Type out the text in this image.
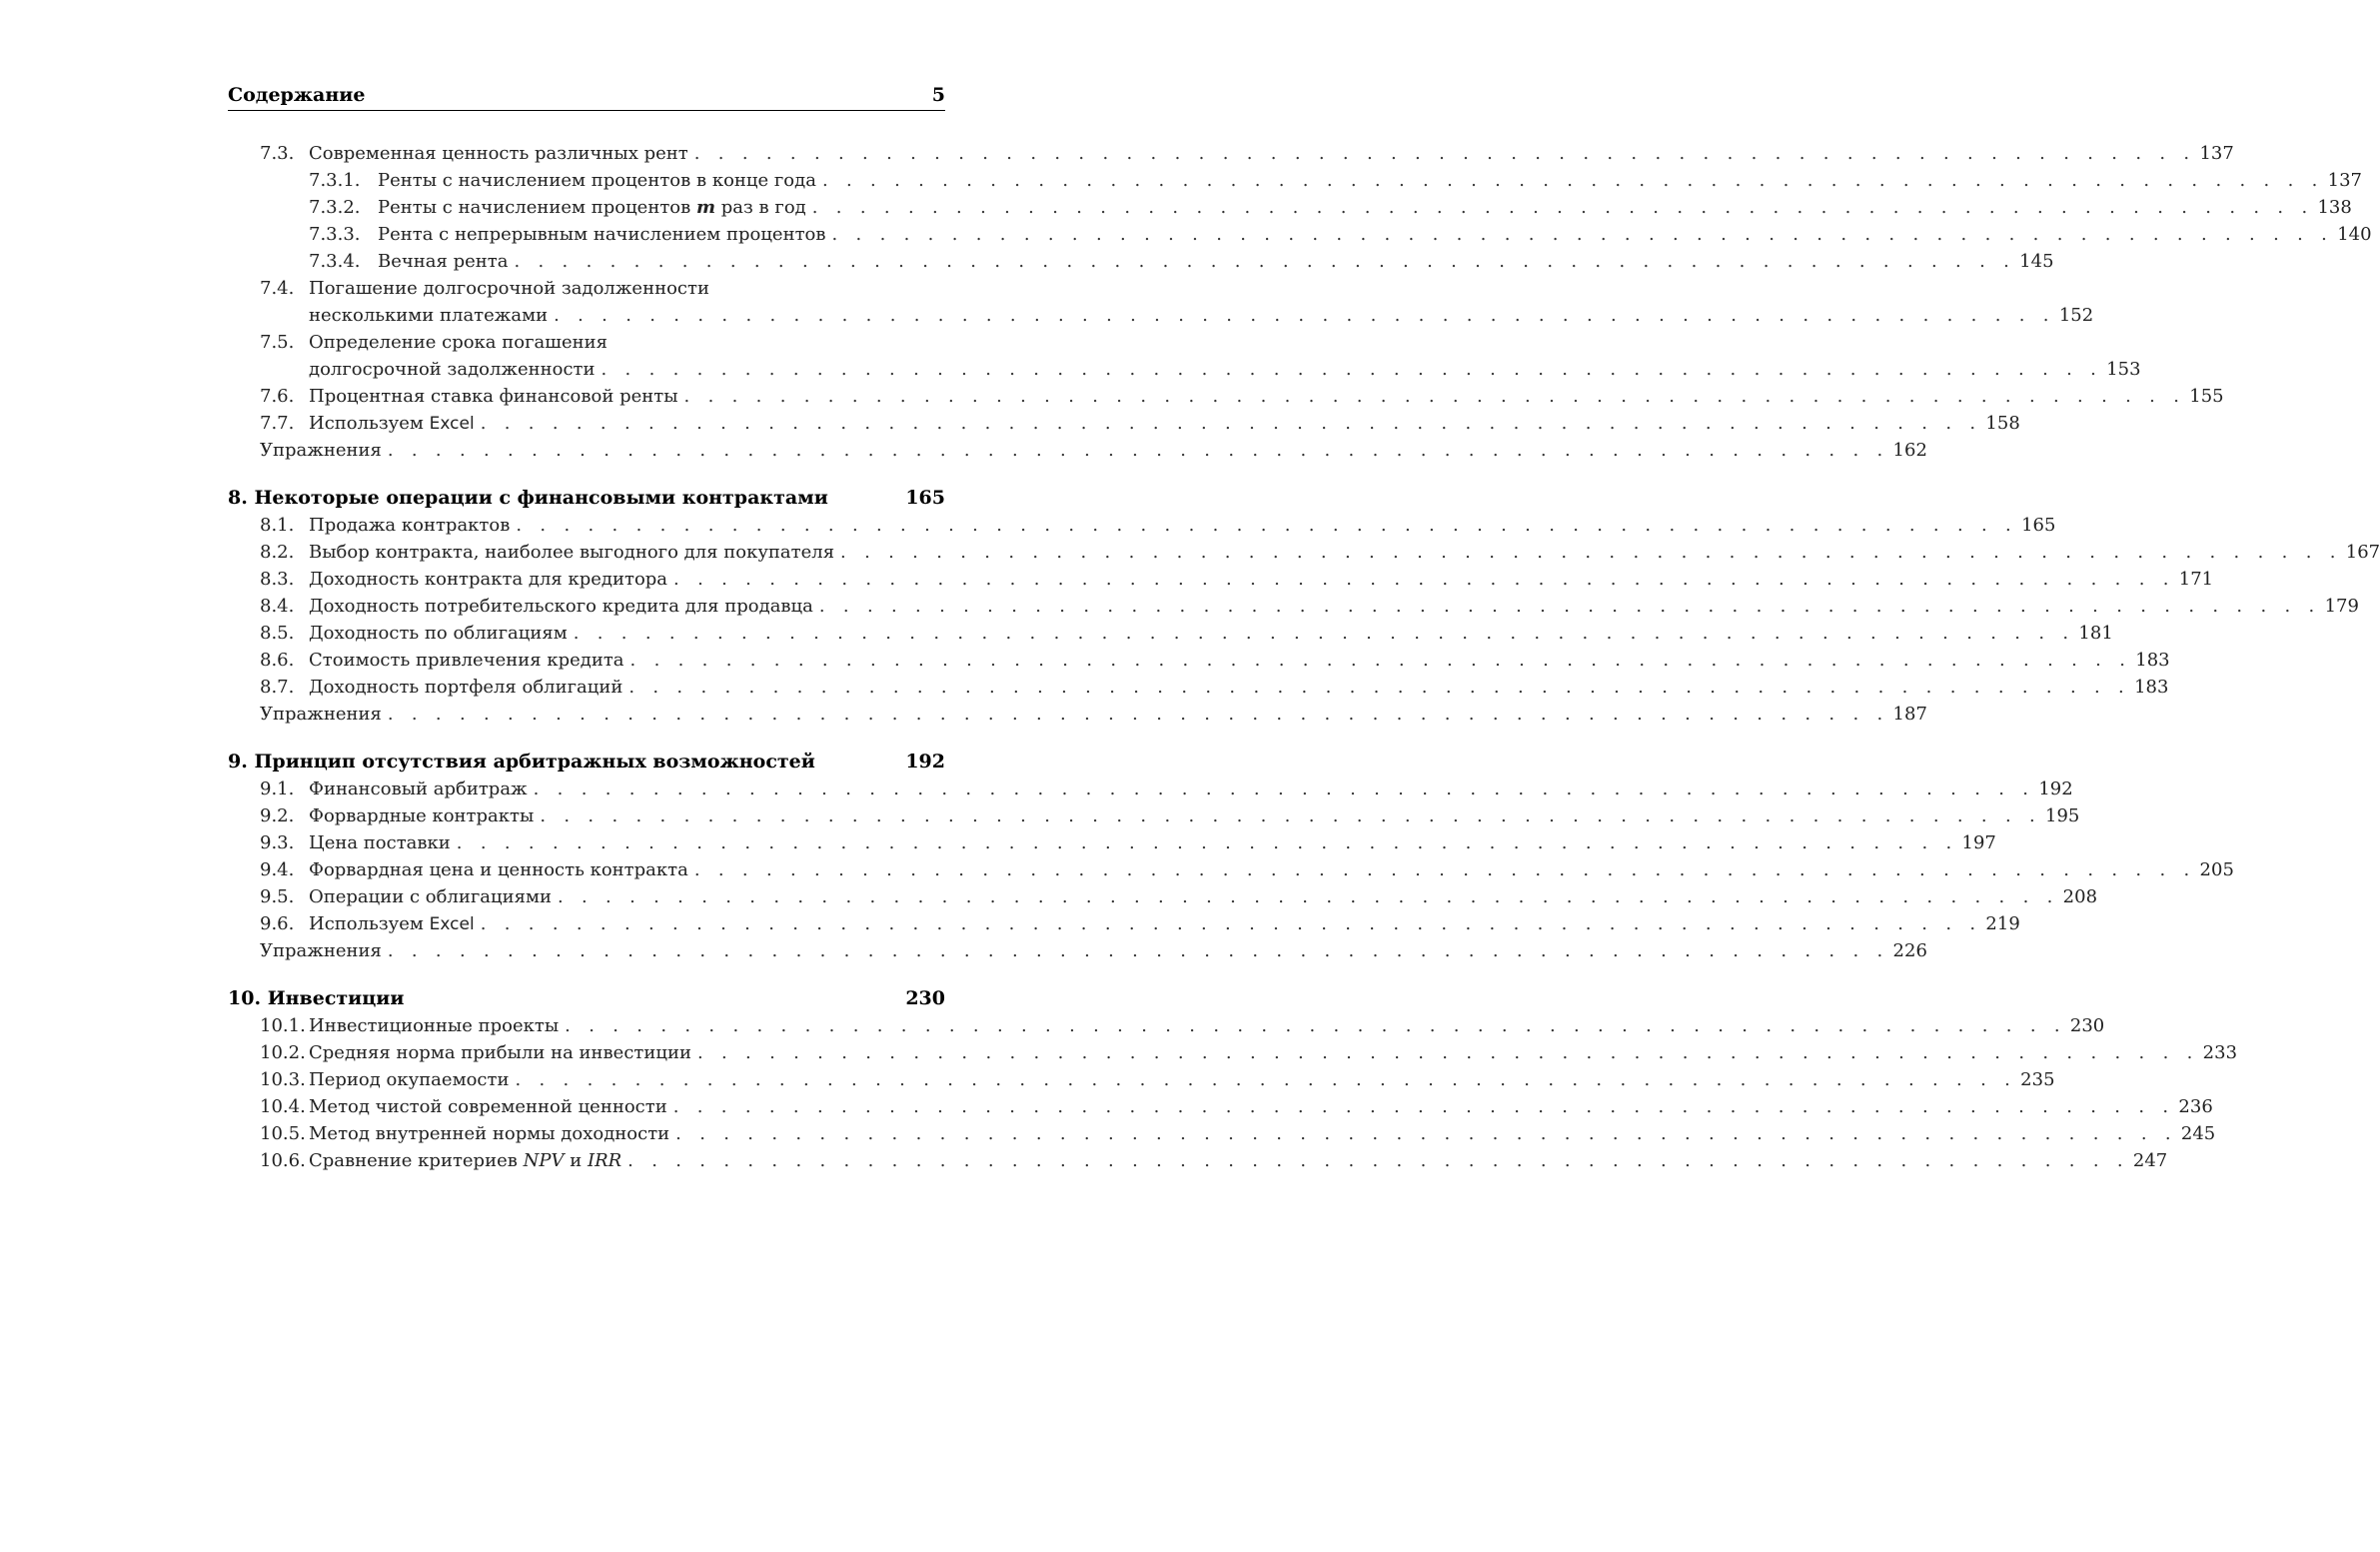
Содержание	5
7.3. Современная ценность различных рент . . . . . . . . . . . . . . . . . . . . . . . . . . . . . . . . . . . . . . . . . . . . . . . . . . . . . . . . . . . . . . . 137
7.3.1. Ренты с начислением процентов в конце года . . . . . . . . . . . . . . . . . . . . . . . . . . . . . . . . . . . . . . . . . . . . . . . . . . . . . . . . . . . . . . . 137
7.3.2. Ренты с начислением процентов m раз в год . . . . . . . . . . . . . . . . . . . . . . . . . . . . . . . . . . . . . . . . . . . . . . . . . . . . . . . . . . . . . . . 138
7.3.3. Рента с непрерывным начислением процентов . . . . . . . . . . . . . . . . . . . . . . . . . . . . . . . . . . . . . . . . . . . . . . . . . . . . . . . . . . . . . . . 140
7.3.4. Вечная рента . . . . . . . . . . . . . . . . . . . . . . . . . . . . . . . . . . . . . . . . . . . . . . . . . . . . . . . . . . . . . . . 145
7.4. Погашение долгосрочной задолженности
несколькими платежами . . . . . . . . . . . . . . . . . . . . . . . . . . . . . . . . . . . . . . . . . . . . . . . . . . . . . . . . . . . . . . . 152
7.5. Определение срока погашения
долгосрочной задолженности . . . . . . . . . . . . . . . . . . . . . . . . . . . . . . . . . . . . . . . . . . . . . . . . . . . . . . . . . . . . . . . 153
7.6. Процентная ставка финансовой ренты . . . . . . . . . . . . . . . . . . . . . . . . . . . . . . . . . . . . . . . . . . . . . . . . . . . . . . . . . . . . . . . 155
7.7. Используем Excel . . . . . . . . . . . . . . . . . . . . . . . . . . . . . . . . . . . . . . . . . . . . . . . . . . . . . . . . . . . . . . . 158
Упражнения . . . . . . . . . . . . . . . . . . . . . . . . . . . . . . . . . . . . . . . . . . . . . . . . . . . . . . . . . . . . . . . 162
8. Некоторые операции с финансовыми контрактами	165
8.1. Продажа контрактов . . . . . . . . . . . . . . . . . . . . . . . . . . . . . . . . . . . . . . . . . . . . . . . . . . . . . . . . . . . . . . . 165
8.2. Выбор контракта, наиболее выгодного для покупателя . . . . . . . . . . . . . . . . . . . . . . . . . . . . . . . . . . . . . . . . . . . . . . . . . . . . . . . . . . . . . . . 167
8.3. Доходность контракта для кредитора . . . . . . . . . . . . . . . . . . . . . . . . . . . . . . . . . . . . . . . . . . . . . . . . . . . . . . . . . . . . . . . 171
8.4. Доходность потребительского кредита для продавца . . . . . . . . . . . . . . . . . . . . . . . . . . . . . . . . . . . . . . . . . . . . . . . . . . . . . . . . . . . . . . . 179
8.5. Доходность по облигациям . . . . . . . . . . . . . . . . . . . . . . . . . . . . . . . . . . . . . . . . . . . . . . . . . . . . . . . . . . . . . . . 181
8.6. Стоимость привлечения кредита . . . . . . . . . . . . . . . . . . . . . . . . . . . . . . . . . . . . . . . . . . . . . . . . . . . . . . . . . . . . . . . 183
8.7. Доходность портфеля облигаций . . . . . . . . . . . . . . . . . . . . . . . . . . . . . . . . . . . . . . . . . . . . . . . . . . . . . . . . . . . . . . . 183
Упражнения . . . . . . . . . . . . . . . . . . . . . . . . . . . . . . . . . . . . . . . . . . . . . . . . . . . . . . . . . . . . . . . 187
9. Принцип отсутствия арбитражных возможностей	192
9.1. Финансовый арбитраж . . . . . . . . . . . . . . . . . . . . . . . . . . . . . . . . . . . . . . . . . . . . . . . . . . . . . . . . . . . . . . . 192
9.2. Форвардные контракты . . . . . . . . . . . . . . . . . . . . . . . . . . . . . . . . . . . . . . . . . . . . . . . . . . . . . . . . . . . . . . . 195
9.3. Цена поставки . . . . . . . . . . . . . . . . . . . . . . . . . . . . . . . . . . . . . . . . . . . . . . . . . . . . . . . . . . . . . . . 197
9.4. Форвардная цена и ценность контракта . . . . . . . . . . . . . . . . . . . . . . . . . . . . . . . . . . . . . . . . . . . . . . . . . . . . . . . . . . . . . . . 205
9.5. Операции с облигациями . . . . . . . . . . . . . . . . . . . . . . . . . . . . . . . . . . . . . . . . . . . . . . . . . . . . . . . . . . . . . . . 208
9.6. Используем Excel . . . . . . . . . . . . . . . . . . . . . . . . . . . . . . . . . . . . . . . . . . . . . . . . . . . . . . . . . . . . . . . 219
Упражнения . . . . . . . . . . . . . . . . . . . . . . . . . . . . . . . . . . . . . . . . . . . . . . . . . . . . . . . . . . . . . . . 226
10. Инвестиции	230
10.1. Инвестиционные проекты . . . . . . . . . . . . . . . . . . . . . . . . . . . . . . . . . . . . . . . . . . . . . . . . . . . . . . . . . . . . . . . 230
10.2. Средняя норма прибыли на инвестиции . . . . . . . . . . . . . . . . . . . . . . . . . . . . . . . . . . . . . . . . . . . . . . . . . . . . . . . . . . . . . . . 233
10.3. Период окупаемости . . . . . . . . . . . . . . . . . . . . . . . . . . . . . . . . . . . . . . . . . . . . . . . . . . . . . . . . . . . . . . . 235
10.4. Метод чистой современной ценности . . . . . . . . . . . . . . . . . . . . . . . . . . . . . . . . . . . . . . . . . . . . . . . . . . . . . . . . . . . . . . . 236
10.5. Метод внутренней нормы доходности . . . . . . . . . . . . . . . . . . . . . . . . . . . . . . . . . . . . . . . . . . . . . . . . . . . . . . . . . . . . . . . 245
10.6. Сравнение критериев NPV и IRR . . . . . . . . . . . . . . . . . . . . . . . . . . . . . . . . . . . . . . . . . . . . . . . . . . . . . . . . . . . . . . . 247
